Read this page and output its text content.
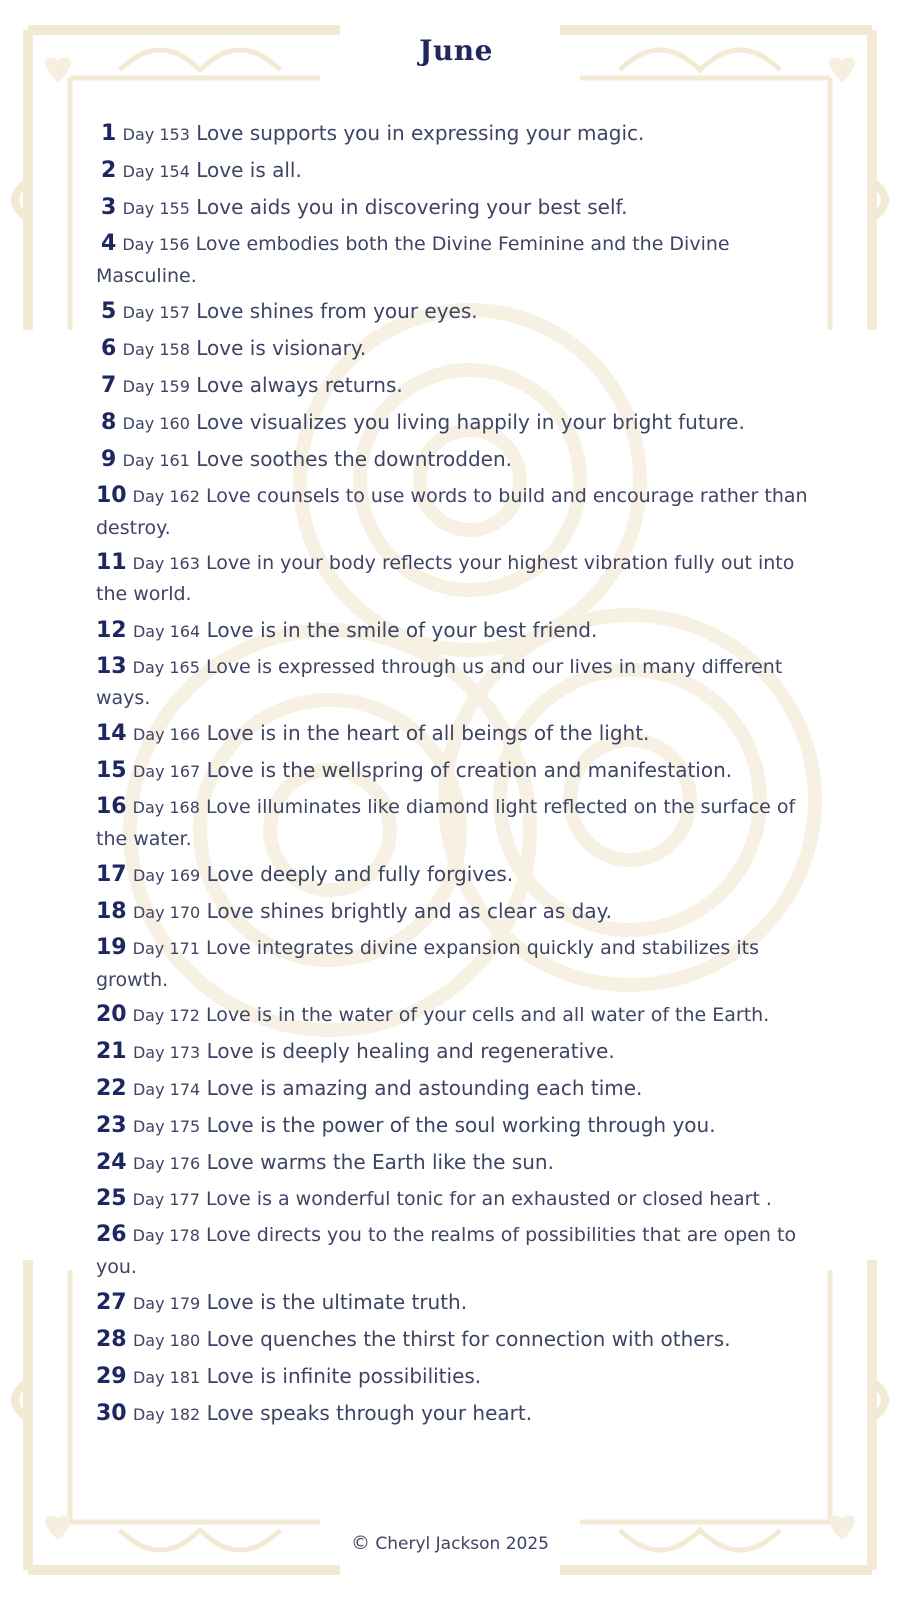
June

1 Day 153 Love supports you in expressing your magic.

2 Day 154 Love is all.

3 Day 155 Love aids you in discovering your best self.

4 Day 156 Love embodies both the Divine Feminine and the Divine Masculine.

5 Day 157 Love shines from your eyes.

6 Day 158 Love is visionary.

7 Day 159 Love always returns.

8 Day 160 Love visualizes you living happily in your bright future.

9 Day 161 Love soothes the downtrodden.

10 Day 162 Love counsels to use words to build and encourage rather than destroy.

11 Day 163 Love in your body reflects your highest vibration fully out into the world.

12 Day 164 Love is in the smile of your best friend.

13 Day 165 Love is expressed through us and our lives in many different ways.

14 Day 166 Love is in the heart of all beings of the light.

15 Day 167 Love is the wellspring of creation and manifestation.

16 Day 168 Love illuminates like diamond light reflected on the surface of the water.

17 Day 169 Love deeply and fully forgives.

18 Day 170 Love shines brightly and as clear as day.

19 Day 171 Love integrates divine expansion quickly and stabilizes its growth.

20 Day 172 Love is in the water of your cells and all water of the Earth.

21 Day 173 Love is deeply healing and regenerative.

22 Day 174 Love is amazing and astounding each time.

23 Day 175 Love is the power of the soul working through you.

24 Day 176 Love warms the Earth like the sun.

25 Day 177 Love is a wonderful tonic for an exhausted or closed heart .

26 Day 178 Love directs you to the realms of possibilities that are open to you.

27 Day 179 Love is the ultimate truth.

28 Day 180 Love quenches the thirst for connection with others.

29 Day 181 Love is infinite possibilities.

30 Day 182 Love speaks through your heart.

© Cheryl Jackson 2025
